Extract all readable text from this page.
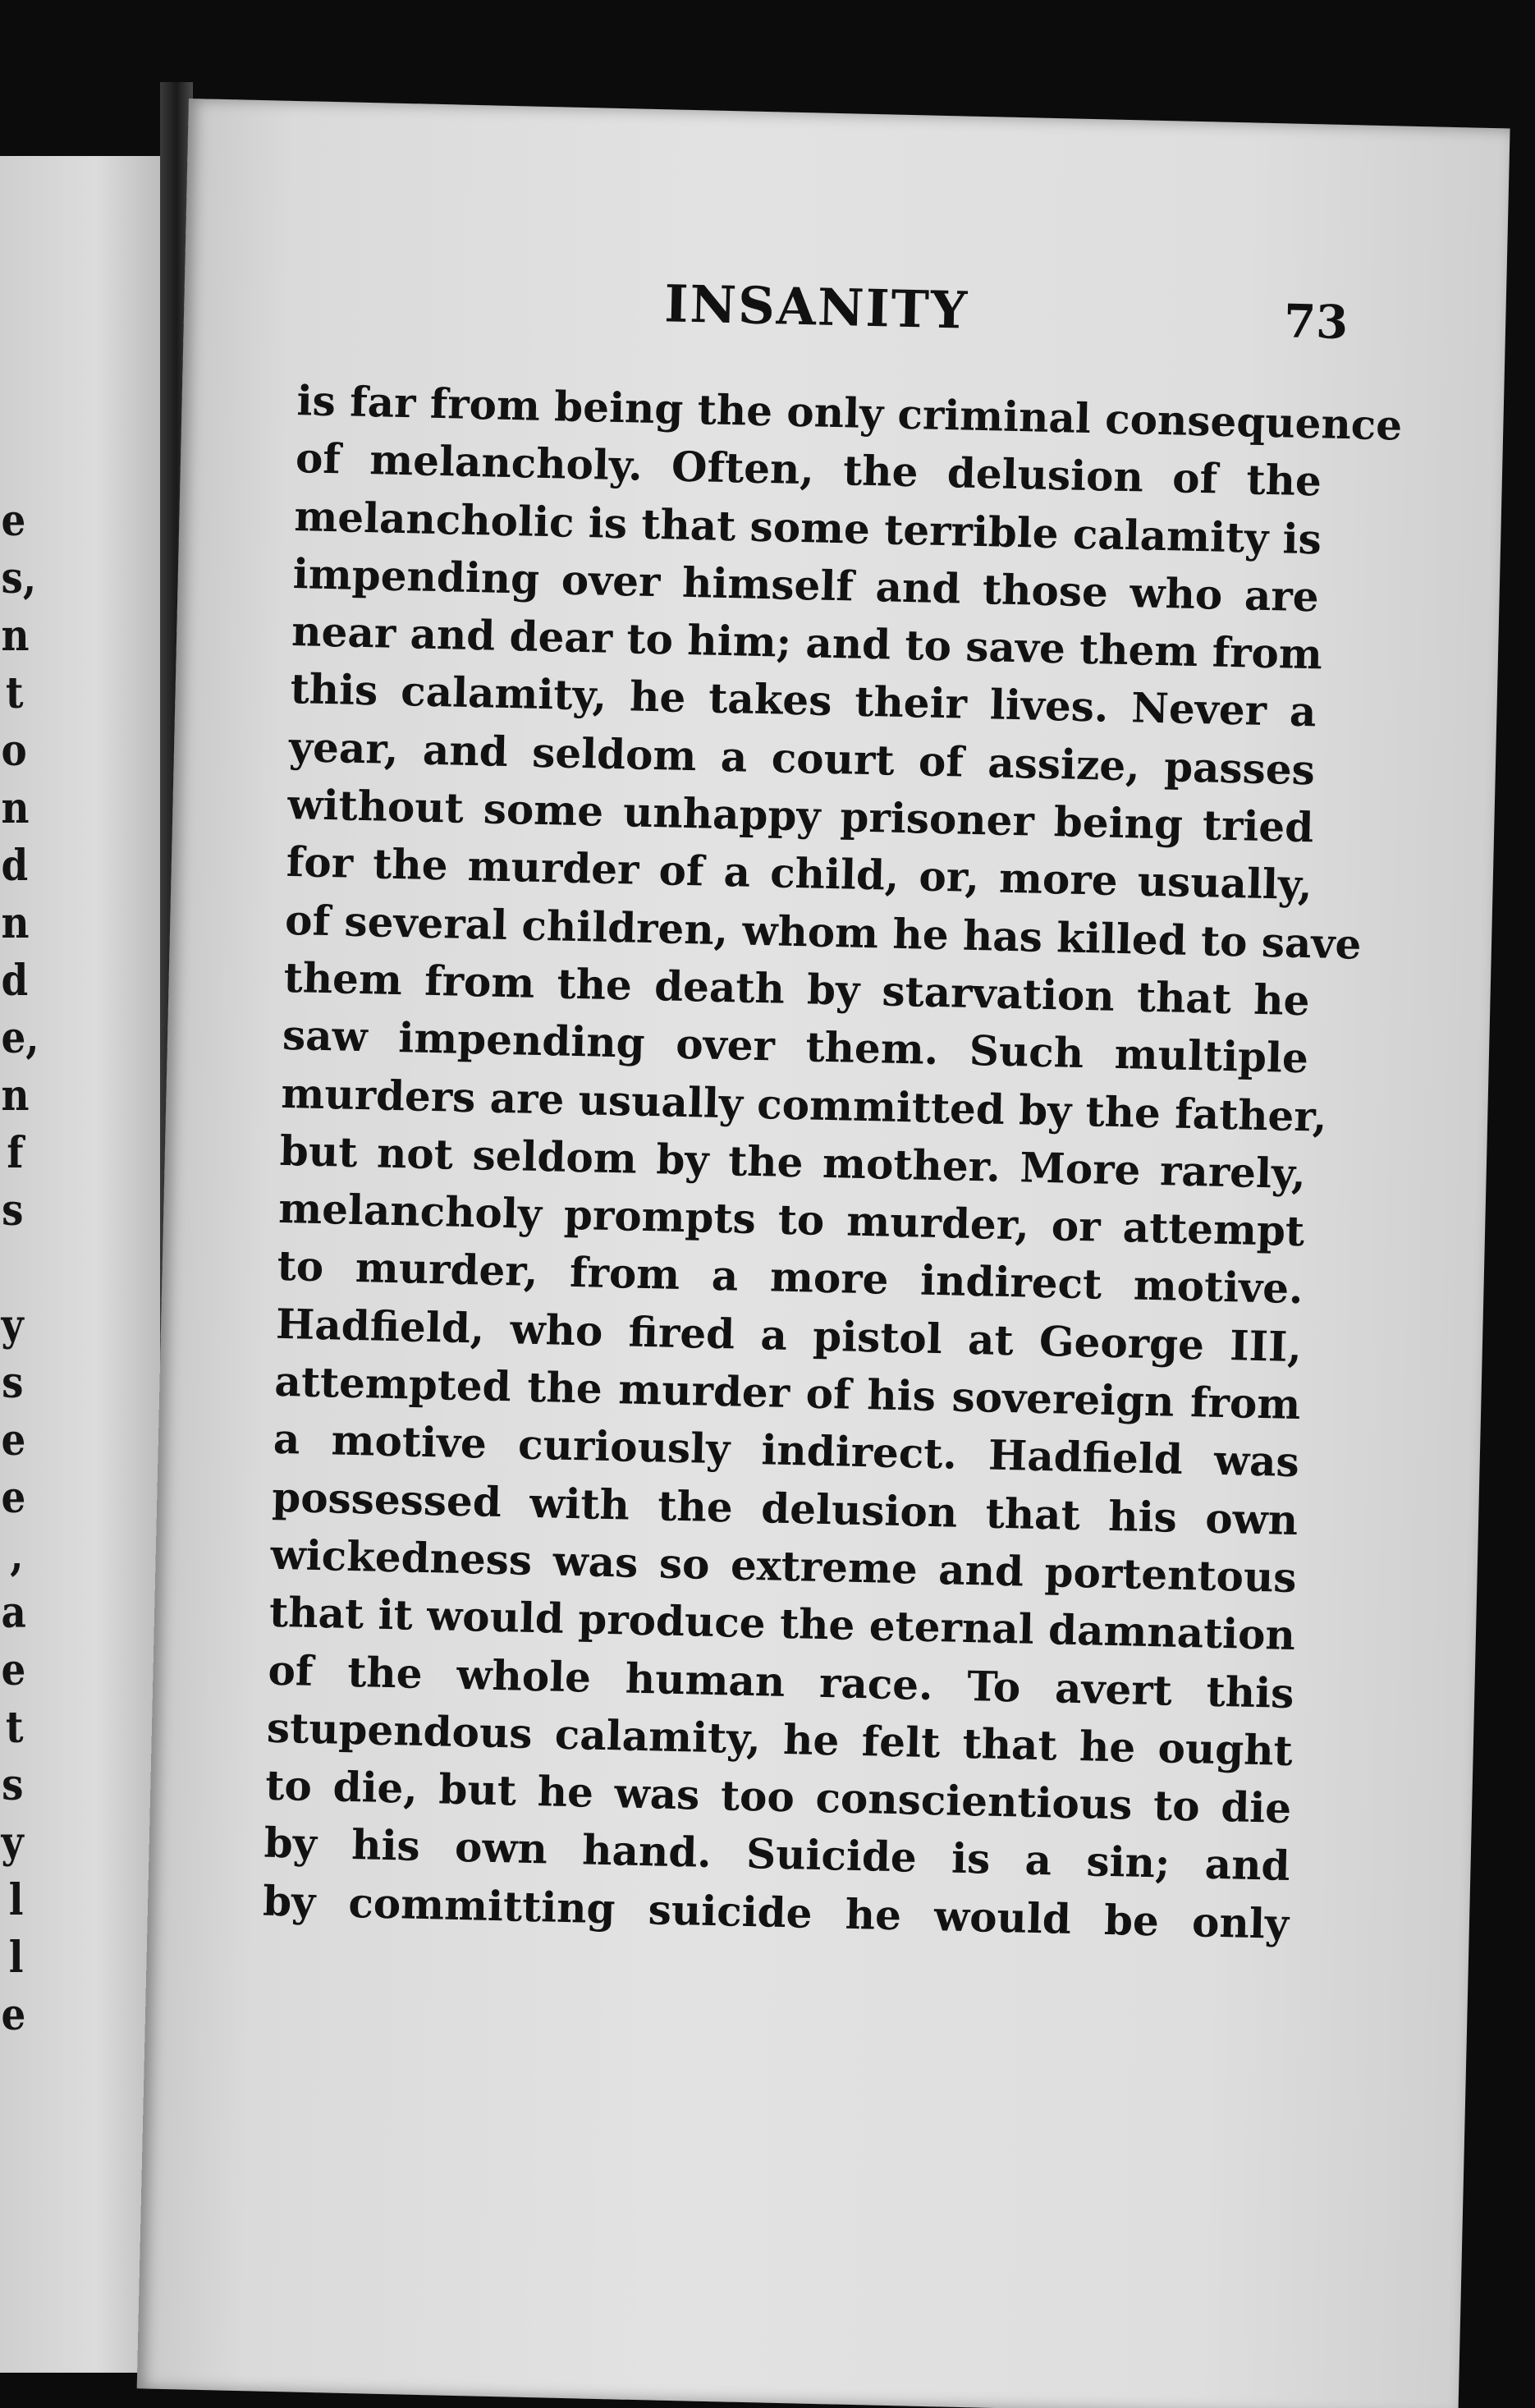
e
s,
n
t
o
n
d
n
d
e,
n
f
s

y
s
e
e
,
a
e
t
s
y
l
l
e
INSANITY	73
is far from being the only criminal consequence
of melancholy. Often, the delusion of the
melancholic is that some terrible calamity is
impending over himself and those who are
near and dear to him; and to save them from
this calamity, he takes their lives. Never a
year, and seldom a court of assize, passes
without some unhappy prisoner being tried
for the murder of a child, or, more usually,
of several children, whom he has killed to save
them from the death by starvation that he
saw impending over them. Such multiple
murders are usually committed by the father,
but not seldom by the mother. More rarely,
melancholy prompts to murder, or attempt
to murder, from a more indirect motive.
Hadfield, who fired a pistol at George III,
attempted the murder of his sovereign from
a motive curiously indirect. Hadfield was
possessed with the delusion that his own
wickedness was so extreme and portentous
that it would produce the eternal damnation
of the whole human race. To avert this
stupendous calamity, he felt that he ought
to die, but he was too conscientious to die
by his own hand. Suicide is a sin; and
by committing suicide he would be only
